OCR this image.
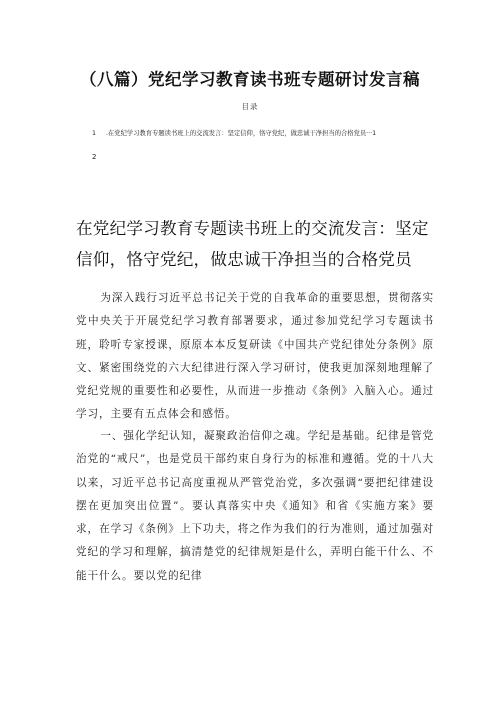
（八篇）党纪学习教育读书班专题研讨发言稿
目录
1 .在党纪学习教育专题读书班上的交流发言：坚定信仰，恪守党纪，做忠诚干净担当的合格党员···1
2
在党纪学习教育专题读书班上的交流发言：坚定信仰，恪守党纪，做忠诚干净担当的合格党员

为深入践行习近平总书记关于党的自我革命的重要思想，贯彻落实党中央关于开展党纪学习教育部署要求，通过参加党纪学习专题读书班，聆听专家授课，原原本本反复研读《中国共产党纪律处分条例》原文、紧密围绕党的六大纪律进行深入学习研讨，使我更加深刻地理解了党纪党规的重要性和必要性，从而进一步推动《条例》入脑入心。通过学习，主要有五点体会和感悟。

一、强化学纪认知，凝聚政治信仰之魂。学纪是基础。纪律是管党治党的“戒尺”，也是党员干部约束自身行为的标准和遵循。党的十八大以来，习近平总书记高度重视从严管党治党，多次强调“要把纪律建设摆在更加突出位置”。要认真落实中央《通知》和省《实施方案》要求，在学习《条例》上下功夫，将之作为我们的行为准则，通过加强对党纪的学习和理解，搞清楚党的纪律规矩是什么，弄明白能干什么、不能干什么。要以党的纪律
